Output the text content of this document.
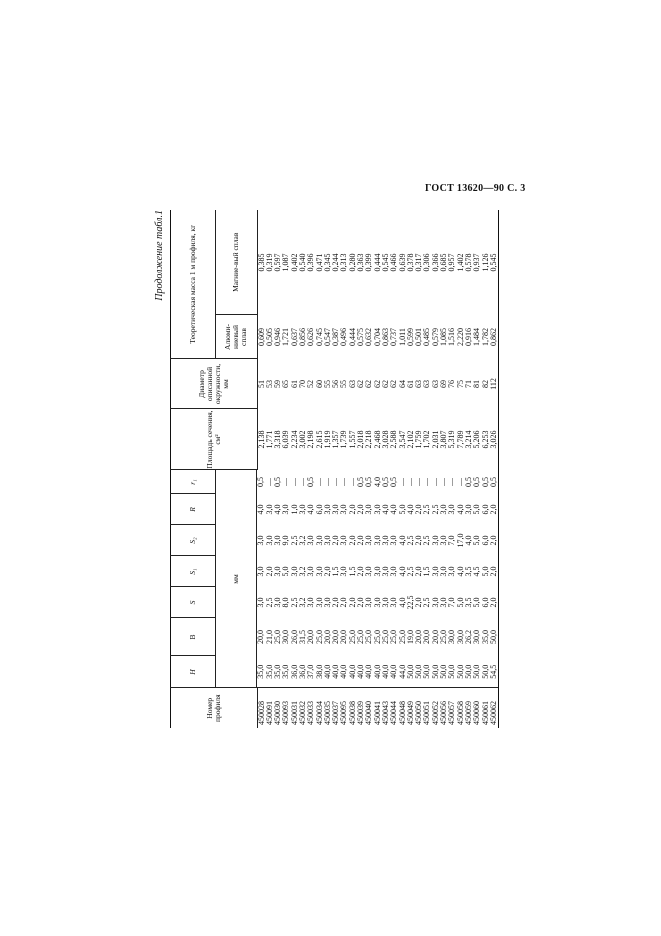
ГОСТ 13620—90 С. 3
Продолжение табл.1
Номер профиля	H	B	S	S₁	S₂	R	r₁	Площадь сечения, см²	Диаметр описанной окружности, мм	Теоретическая масса 1 м профиля, кг	
	мм									Алюми-ниевый сплав	Магние-вый сплав

450028	35,0	20,0	3,0	3,0	3,0	4,0	0,5	2,138	51	0,609	0,385
450091	35,0	21,0	2,5	2,0	3,0	3,0	—	1,771	53	0,505	0,319
450030	35,0	25,0	3,0	3,0	3,0	4,0	0,5	3,318	59	0,946	0,597
450093	35,0	30,0	8,0	5,0	9,0	3,0	—	6,039	65	1,721	1,087
450031	36,0	26,0	2,5	3,0	2,5	1,0	—	2,234	61	0,637	0,402
450032	36,0	31,5	3,2	3,2	3,2	3,0	—	3,002	70	0,856	0,540
450033	37,0	20,0	3,0	3,0	3,0	4,0	0,5	2,198	52	0,626	0,396
450034	38,0	25,0	3,0	3,0	3,0	6,0	—	2,615	60	0,745	0,471
450035	40,0	20,0	3,0	2,0	3,0	3,0	—	1,919	55	0,547	0,345
450037	40,0	20,0	2,0	1,5	2,0	3,0	—	1,357	56	0,387	0,244
450095	40,0	20,0	2,0	3,0	3,0	3,0	—	1,739	55	0,496	0,313
450038	40,0	25,0	2,0	1,5	2,0	2,0	—	1,557	63	0,444	0,280
450039	40,0	25,0	2,0	2,0	2,0	2,0	0,5	2,018	62	0,575	0,363
450040	40,0	25,0	3,0	3,0	3,0	3,0	0,5	2,218	62	0,632	0,399
450041	40,0	25,0	3,0	3,0	3,0	3,0	4,0	2,468	62	0,704	0,444
450043	40,0	25,0	3,0	3,0	3,0	4,0	0,5	3,028	62	0,863	0,545
450044	40,0	25,0	3,0	3,0	3,0	4,0	0,5	2,588	62	0,737	0,466
450048	44,0	25,0	4,0	4,0	4,0	5,0	—	3,547	64	1,011	0,639
450049	50,0	19,0	22,5	2,5	2,5	4,0	—	2,102	61	0,599	0,378
450050	50,0	20,0	2,0	2,0	2,0	2,0	—	1,759	63	0,501	0,317
450051	50,0	20,0	2,5	1,5	2,5	2,5	—	1,702	63	0,485	0,306
450052	50,0	20,0	3,0	3,0	3,0	2,5	—	2,031	63	0,579	0,366
450056	50,0	25,0	3,0	3,0	3,0	3,0	—	3,807	69	1,085	0,685
450057	50,0	30,0	7,0	3,0	7,0	3,0	—	5,319	76	1,516	0,957
450058	50,0	30,0	5,0	4,0	17,0	4,0	—	7,789	75	2,220	1,402
450059	50,0	26,2	3,5	3,5	4,0	3,0	0,5	3,214	71	0,916	0,578
450060	50,0	30,0	5,0	4,5	5,0	5,0	0,5	5,206	81	1,484	0,937
450061	50,0	35,0	6,0	5,0	6,0	6,0	0,5	6,253	82	1,782	1,126
450062	54,5	50,0	2,0	2,0	2,0	2,0	0,5	3,026	112	0,862	0,545
